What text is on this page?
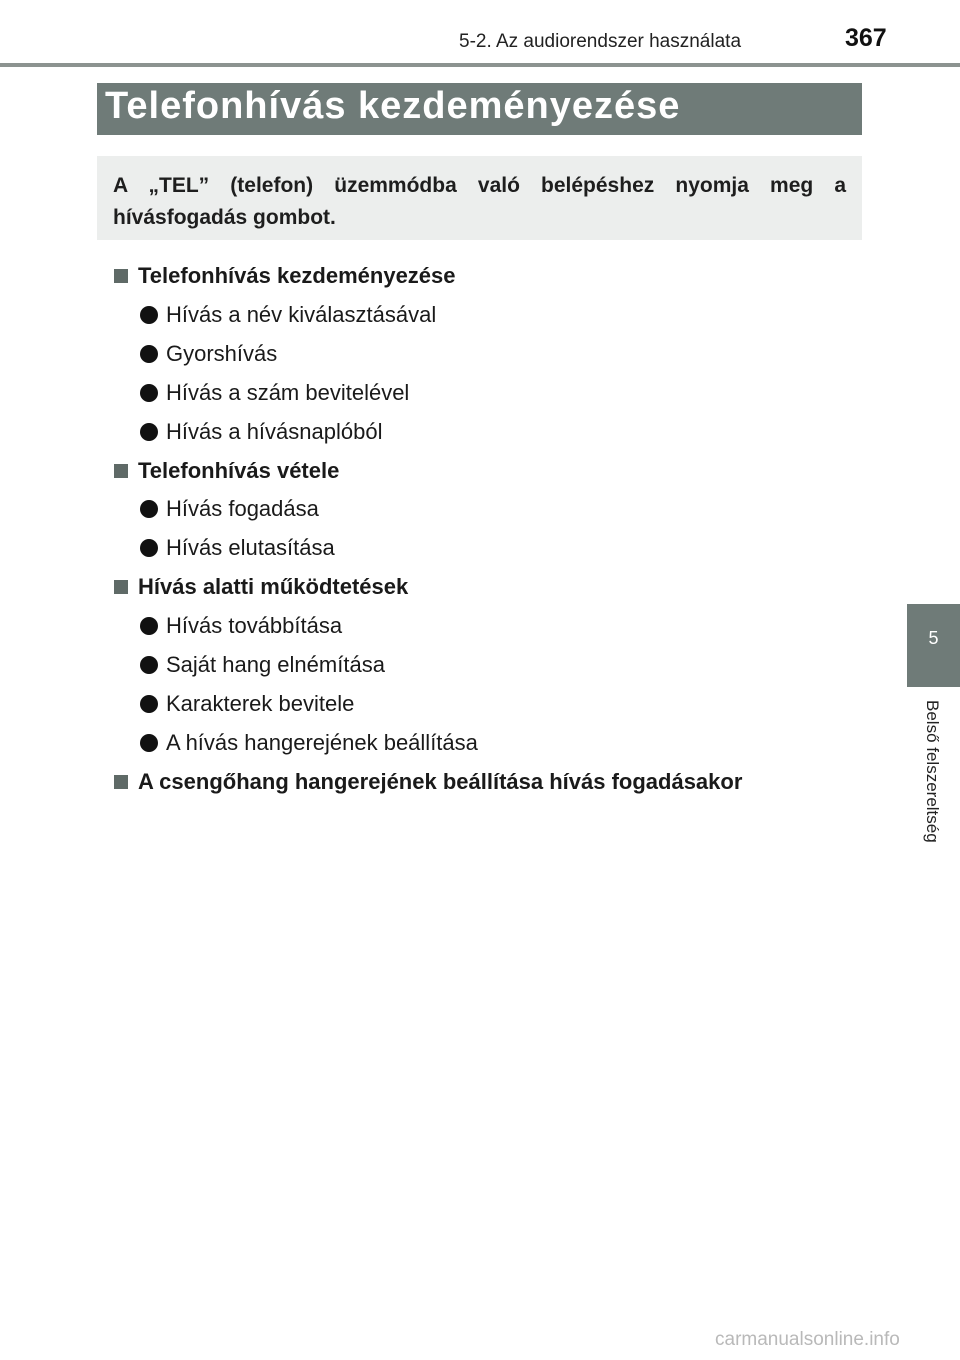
5-2. Az audiorendszer használata	367
Telefonhívás kezdeményezése
A „TEL” (telefon) üzemmódba való belépéshez nyomja meg a hívásfogadás gombot.
Telefonhívás kezdeményezése
Hívás a név kiválasztásával
Gyorshívás
Hívás a szám bevitelével
Hívás a hívásnaplóból
Telefonhívás vétele
Hívás fogadása
Hívás elutasítása
Hívás alatti működtetések
Hívás továbbítása
Saját hang elnémítása
Karakterek bevitele
A hívás hangerejének beállítása
A csengőhang hangerejének beállítása hívás fogadásakor
5
Belső felszereltség
carmanualsonline.info
